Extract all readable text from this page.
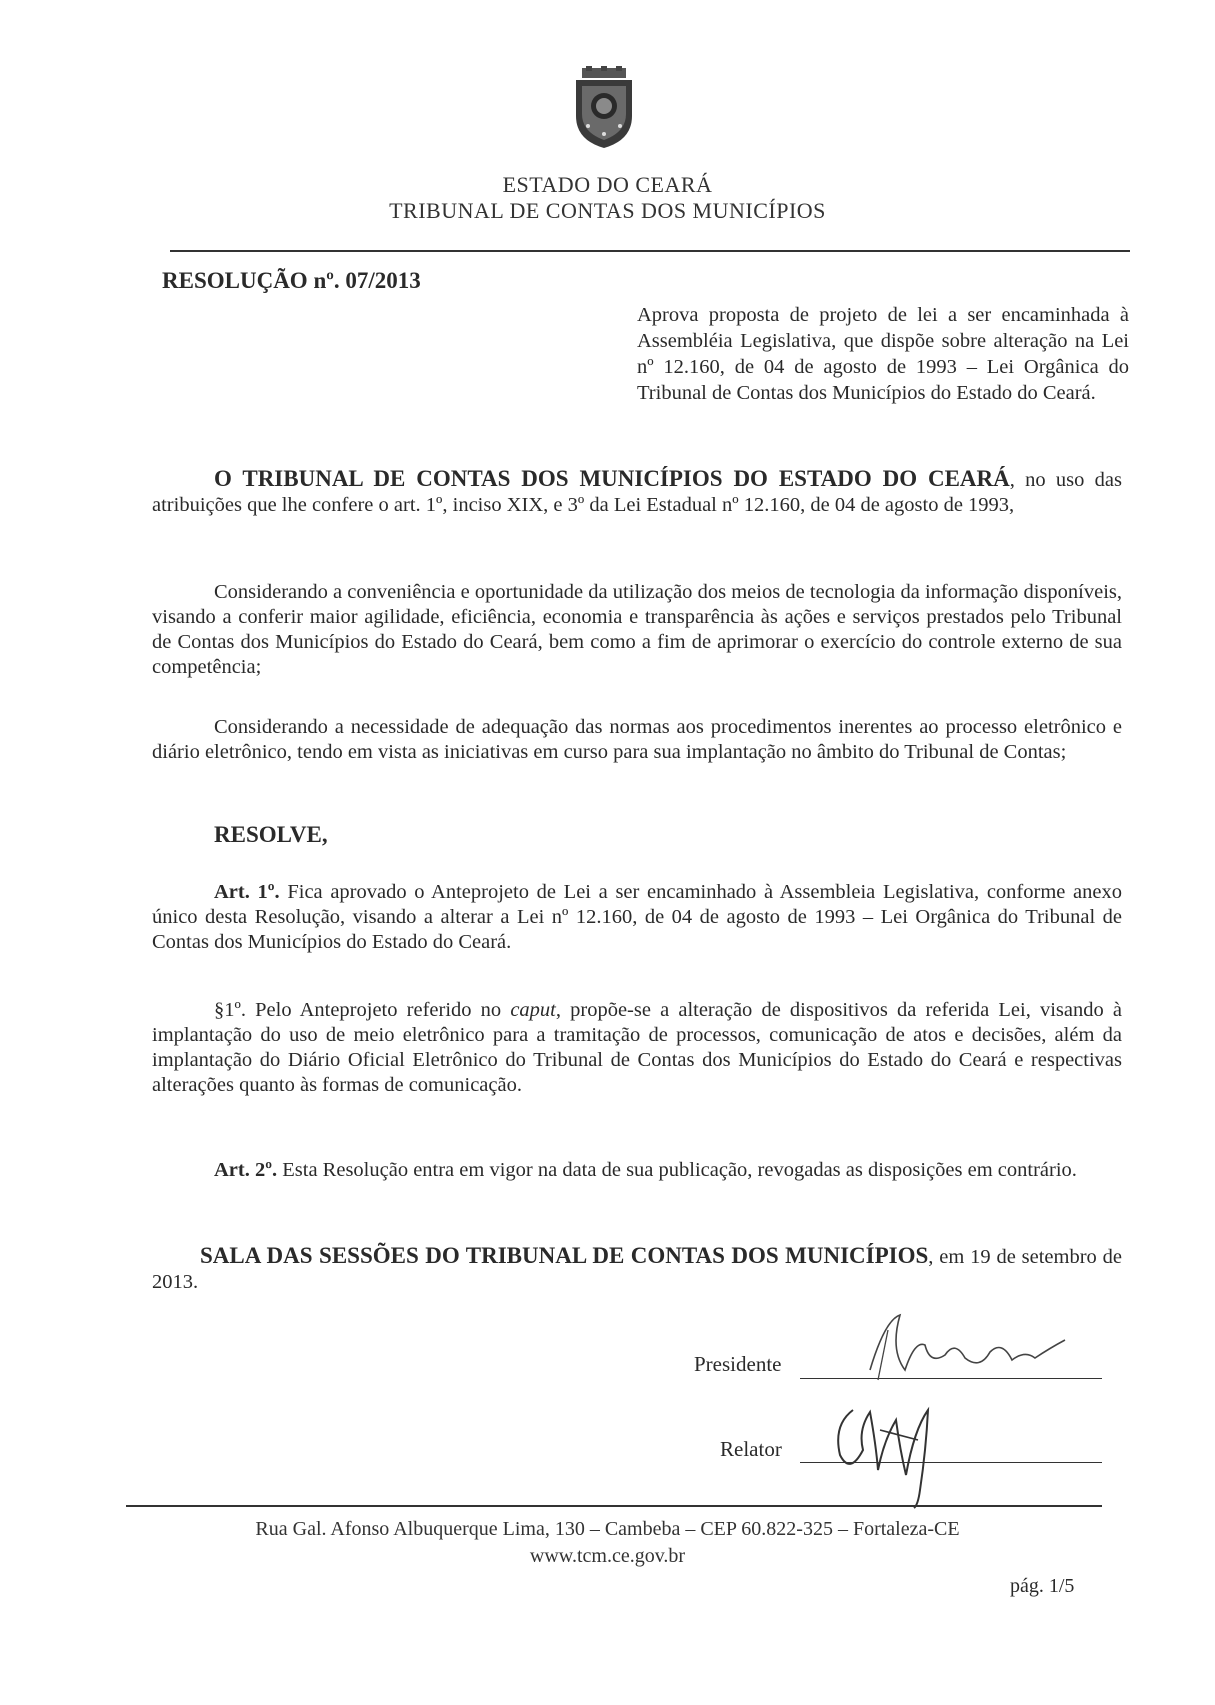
ESTADO DO CEARÁ
TRIBUNAL DE CONTAS DOS MUNICÍPIOS
RESOLUÇÃO nº. 07/2013
Aprova proposta de projeto de lei a ser encaminhada à Assembléia Legislativa, que dispõe sobre alteração na Lei nº 12.160, de 04 de agosto de 1993 – Lei Orgânica do Tribunal de Contas dos Municípios do Estado do Ceará.
O TRIBUNAL DE CONTAS DOS MUNICÍPIOS DO ESTADO DO CEARÁ, no uso das atribuições que lhe confere o art. 1º, inciso XIX, e 3º da Lei Estadual nº 12.160, de 04 de agosto de 1993,
Considerando a conveniência e oportunidade da utilização dos meios de tecnologia da informação disponíveis, visando a conferir maior agilidade, eficiência, economia e transparência às ações e serviços prestados pelo Tribunal de Contas dos Municípios do Estado do Ceará, bem como a fim de aprimorar o exercício do controle externo de sua competência;
Considerando a necessidade de adequação das normas aos procedimentos inerentes ao processo eletrônico e diário eletrônico, tendo em vista as iniciativas em curso para sua implantação no âmbito do Tribunal de Contas;
RESOLVE,
Art. 1º. Fica aprovado o Anteprojeto de Lei a ser encaminhado à Assembleia Legislativa, conforme anexo único desta Resolução, visando a alterar a Lei nº 12.160, de 04 de agosto de 1993 – Lei Orgânica do Tribunal de Contas dos Municípios do Estado do Ceará.
§1º. Pelo Anteprojeto referido no caput, propõe-se a alteração de dispositivos da referida Lei, visando à implantação do uso de meio eletrônico para a tramitação de processos, comunicação de atos e decisões, além da implantação do Diário Oficial Eletrônico do Tribunal de Contas dos Municípios do Estado do Ceará e respectivas alterações quanto às formas de comunicação.
Art. 2º. Esta Resolução entra em vigor na data de sua publicação, revogadas as disposições em contrário.
SALA DAS SESSÕES DO TRIBUNAL DE CONTAS DOS MUNICÍPIOS, em 19 de setembro de 2013.
Presidente
Relator
Rua Gal. Afonso Albuquerque Lima, 130 – Cambeba – CEP 60.822-325 – Fortaleza-CE
www.tcm.ce.gov.br
pág. 1/5
